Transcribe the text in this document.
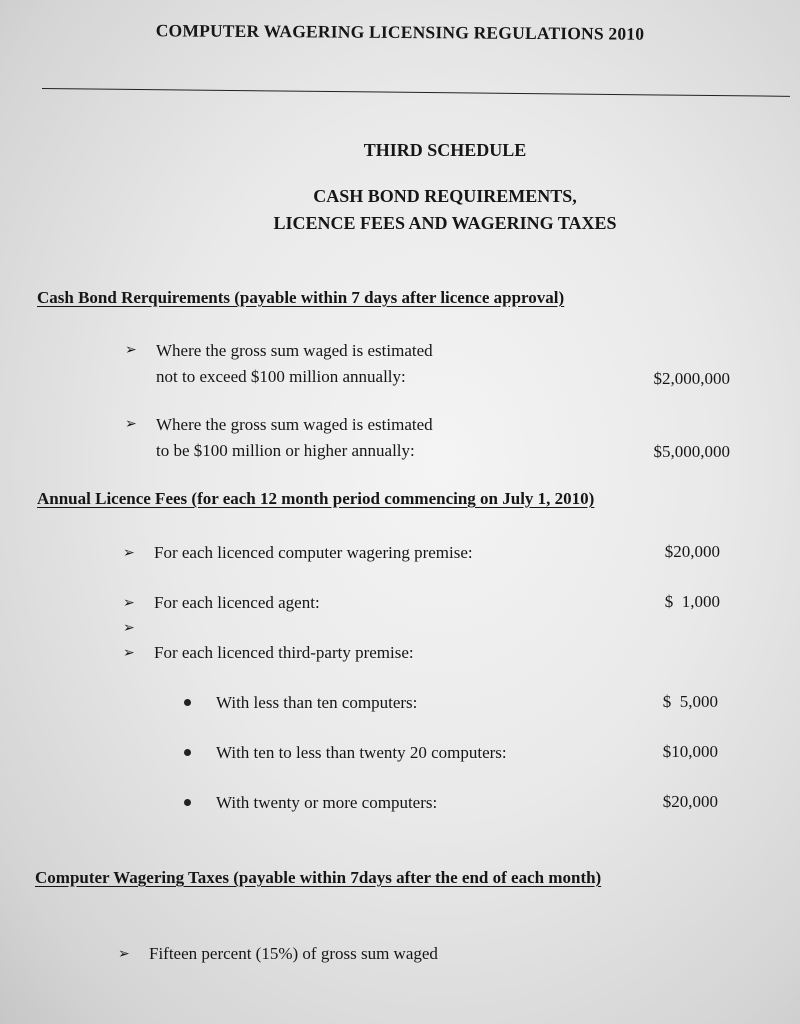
COMPUTER WAGERING LICENSING REGULATIONS 2010
THIRD SCHEDULE
CASH BOND REQUIREMENTS,
LICENCE FEES AND WAGERING TAXES
Cash Bond Rerquirements (payable within 7 days after licence approval)
➢ Where the gross sum waged is estimated
not to exceed $100 million annually:	$2,000,000
➢ Where the gross sum waged is estimated
to be $100 million or higher annually:	$5,000,000
Annual Licence Fees (for each 12 month period commencing on July 1, 2010)
➢ For each licenced computer wagering premise:	$20,000
➢ For each licenced agent:	$  1,000
➢
➢ For each licenced third-party premise:
With less than ten computers:	$  5,000
With ten to less than twenty 20 computers:	$10,000
With twenty or more computers:	$20,000
Computer Wagering Taxes (payable within 7days after the end of each month)
➢ Fifteen percent (15%) of gross sum waged
